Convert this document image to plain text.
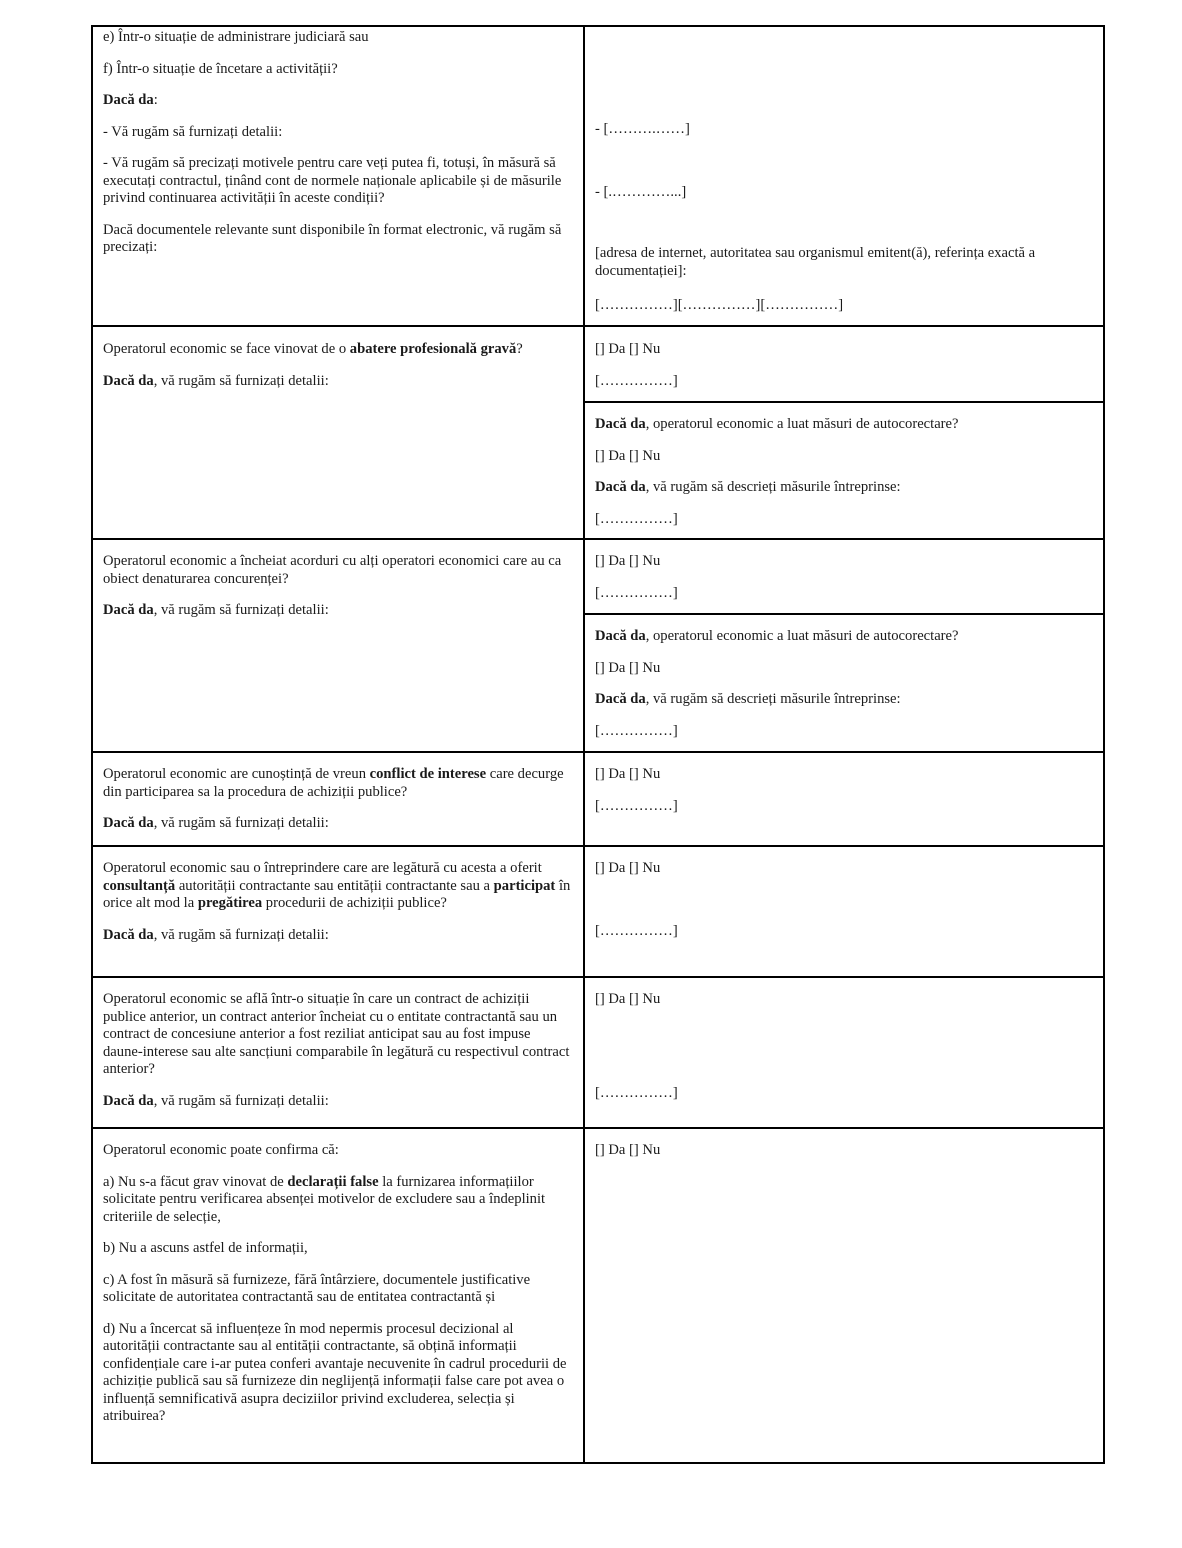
e) Într-o situație de administrare judiciară sau

f) Într-o situație de încetare a activității?

Dacă da:

- Vă rugăm să furnizați detalii:

- Vă rugăm să precizați motivele pentru care veți putea fi, totuși, în măsură să executați contractul, ținând cont de normele naționale aplicabile și de măsurile privind continuarea activității în aceste condiții?

Dacă documentele relevante sunt disponibile în format electronic, vă rugăm să precizați:

- [……….……]

- [.…………...]

[adresa de internet, autoritatea sau organismul emitent(ă), referința exactă a documentației]:

[……………][……………][……………]

Operatorul economic se face vinovat de o abatere profesională gravă?

Dacă da, vă rugăm să furnizați detalii:

[] Da [] Nu

[……………]

Dacă da, operatorul economic a luat măsuri de autocorectare?

[] Da [] Nu

Dacă da, vă rugăm să descrieți măsurile întreprinse:

[……………]

Operatorul economic a încheiat acorduri cu alți operatori economici care au ca obiect denaturarea concurenței?

Dacă da, vă rugăm să furnizați detalii:

[] Da [] Nu

[……………]

Dacă da, operatorul economic a luat măsuri de autocorectare?

[] Da [] Nu

Dacă da, vă rugăm să descrieți măsurile întreprinse:

[……………]

Operatorul economic are cunoștință de vreun conflict de interese care decurge din participarea sa la procedura de achiziții publice?

Dacă da, vă rugăm să furnizați detalii:

[] Da [] Nu

[……………]

Operatorul economic sau o întreprindere care are legătură cu acesta a oferit consultanță autorității contractante sau entității contractante sau a participat în orice alt mod la pregătirea procedurii de achiziții publice?

Dacă da, vă rugăm să furnizați detalii:

[] Da [] Nu

[……………]

Operatorul economic se află într-o situație în care un contract de achiziții publice anterior, un contract anterior încheiat cu o entitate contractantă sau un contract de concesiune anterior a fost reziliat anticipat sau au fost impuse daune-interese sau alte sancțiuni comparabile în legătură cu respectivul contract anterior?

Dacă da, vă rugăm să furnizați detalii:

[] Da [] Nu

[……………]

Operatorul economic poate confirma că:

a) Nu s-a făcut grav vinovat de declarații false la furnizarea informațiilor solicitate pentru verificarea absenței motivelor de excludere sau a îndeplinit criteriile de selecție,

b) Nu a ascuns astfel de informații,

c) A fost în măsură să furnizeze, fără întârziere, documentele justificative solicitate de autoritatea contractantă sau de entitatea contractantă și

d) Nu a încercat să influențeze în mod nepermis procesul decizional al autorității contractante sau al entității contractante, să obțină informații confidențiale care i-ar putea conferi avantaje necuvenite în cadrul procedurii de achiziție publică sau să furnizeze din neglijență informații false care pot avea o influență semnificativă asupra deciziilor privind excluderea, selecția și atribuirea?

[] Da [] Nu
